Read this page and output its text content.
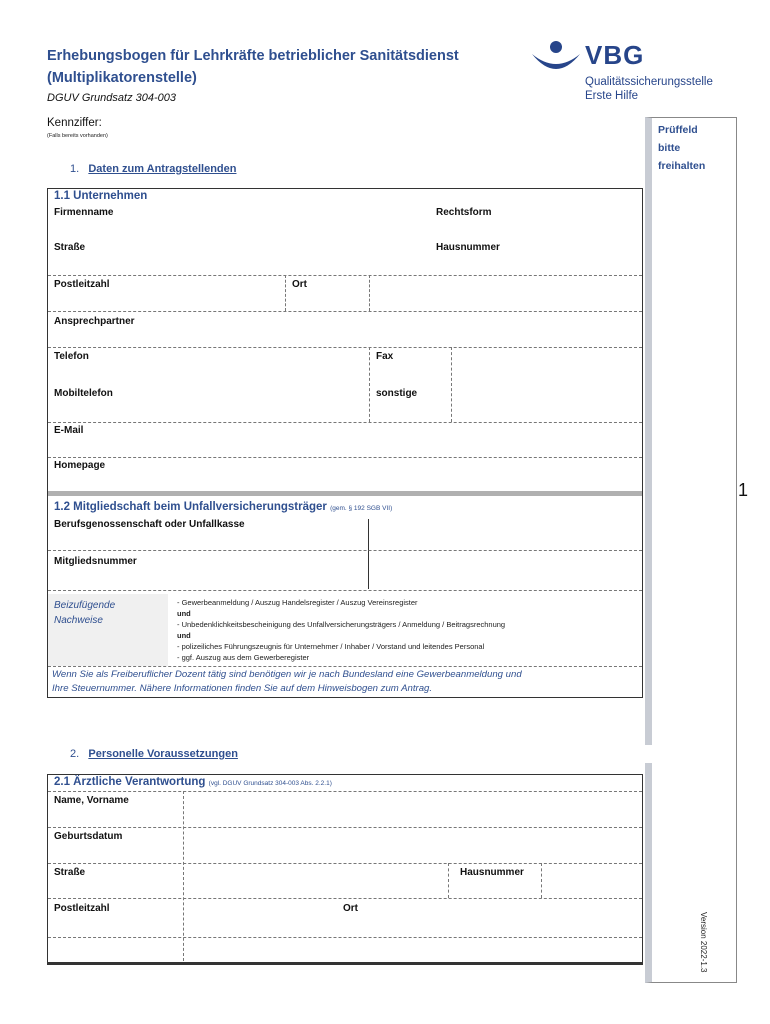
Erhebungsbogen für Lehrkräfte betrieblicher Sanitätsdienst
(Multiplikatorenstelle)
DGUV Grundsatz 304-003
VBG
Qualitätssicherungsstelle
Erste Hilfe
Kennziffer:
(Falls bereits vorhanden)	Prüffeld
bitte
freihalten
1
Version 2022-1.3
1. Daten zum Antragstellenden
1.1 Unternehmen
Firmenname	Rechtsform
Straße	Hausnummer
Postleitzahl	Ort
Ansprechpartner
Telefon	Fax
Mobiltelefon	sonstige
E-Mail
Homepage
1.2 Mitgliedschaft beim Unfallversicherungsträger (gem. § 192 SGB VII)
Berufsgenossenschaft oder Unfallkasse
Mitgliedsnummer
Beizufügende
Nachweise
- Gewerbeanmeldung / Auszug Handelsregister / Auszug Vereinsregister
und
- Unbedenklichkeitsbescheinigung des Unfallversicherungsträgers / Anmeldung / Beitragsrechnung
und
- polizeiliches Führungszeugnis für Unternehmer / Inhaber / Vorstand und leitendes Personal
- ggf. Auszug aus dem Gewerberegister
Wenn Sie als Freiberuflicher Dozent tätig sind benötigen wir je nach Bundesland eine Gewerbeanmeldung und
Ihre Steuernummer. Nähere Informationen finden Sie auf dem Hinweisbogen zum Antrag.
2. Personelle Voraussetzungen
2.1 Ärztliche Verantwortung (vgl. DGUV Grundsatz 304-003 Abs. 2.2.1)
Name, Vorname
Geburtsdatum
Straße	Hausnummer
Postleitzahl	Ort
